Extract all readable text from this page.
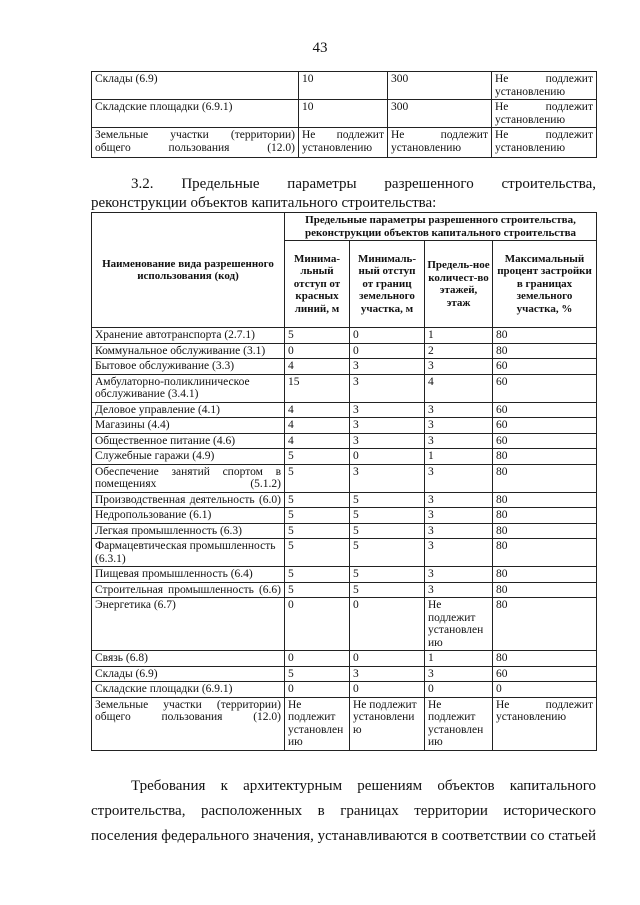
43
Склады (6.9)	10	300	Не подлежит установлению
Складские площадки (6.9.1)	10	300	Не подлежит установлению
Земельные участки (территории) общего пользования (12.0)	Не подлежит установлению	Не подлежит установлению	Не подлежит установлению
3.2. Предельные параметры разрешенного строительства,
реконструкции объектов капитального строительства:
Наименование вида разрешенного использования (код)	Предельные параметры разрешенного строительства, реконструкции объектов капитального строительства			
	Минима-льный отступ от красных линий, м	Минималь-ный отступ от границ земельного участка, м	Предель-ное количест-во этажей, этаж	Максимальный процент застройки в границах земельного участка, %
Хранение автотранспорта (2.7.1)	5	0	1	80
Коммунальное обслуживание (3.1)	0	0	2	80
Бытовое обслуживание (3.3)	4	3	3	60
Амбулаторно-поликлиническое обслуживание (3.4.1)	15	3	4	60
Деловое управление (4.1)	4	3	3	60
Магазины (4.4)	4	3	3	60
Общественное питание (4.6)	4	3	3	60
Служебные гаражи (4.9)	5	0	1	80
Обеспечение занятий спортом в помещениях (5.1.2)	5	3	3	80
Производственная деятельность (6.0)	5	5	3	80
Недропользование (6.1)	5	5	3	80
Легкая промышленность (6.3)	5	5	3	80
Фармацевтическая промышленность (6.3.1)	5	5	3	80
Пищевая промышленность (6.4)	5	5	3	80
Строительная промышленность (6.6)	5	5	3	80
Энергетика (6.7)	0	0	Не подлежит установлен ию	80
Связь (6.8)	0	0	1	80
Склады (6.9)	5	3	3	60
Складские площадки (6.9.1)	0	0	0	0
Земельные участки (территории) общего пользования (12.0)	Не подлежит установлен ию	Не подлежит установлени ю	Не подлежит установлен ию	Не подлежит установлению
Требования к архитектурным решениям объектов капитального
строительства, расположенных в границах территории исторического
поселения федерального значения, устанавливаются в соответствии со статьей
